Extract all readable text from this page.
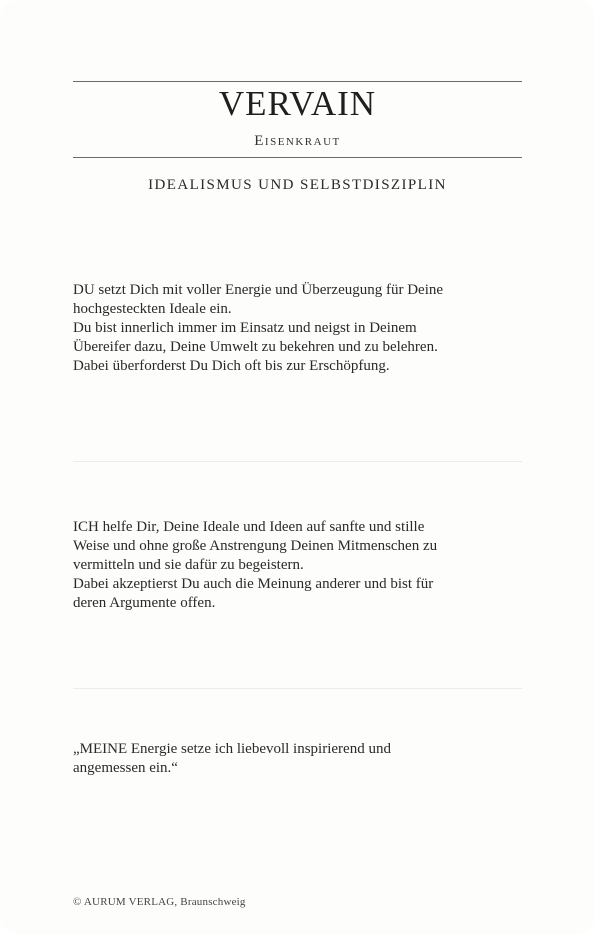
VERVAIN
Eisenkraut
IDEALISMUS UND SELBSTDISZIPLIN
DU setzt Dich mit voller Energie und Überzeugung für Deine
hochgesteckten Ideale ein.
Du bist innerlich immer im Einsatz und neigst in Deinem
Übereifer dazu, Deine Umwelt zu bekehren und zu belehren.
Dabei überforderst Du Dich oft bis zur Erschöpfung.
ICH helfe Dir, Deine Ideale und Ideen auf sanfte und stille
Weise und ohne große Anstrengung Deinen Mitmenschen zu
vermitteln und sie dafür zu begeistern.
Dabei akzeptierst Du auch die Meinung anderer und bist für
deren Argumente offen.
„MEINE Energie setze ich liebevoll inspirierend und
angemessen ein.“
© AURUM VERLAG, Braunschweig
